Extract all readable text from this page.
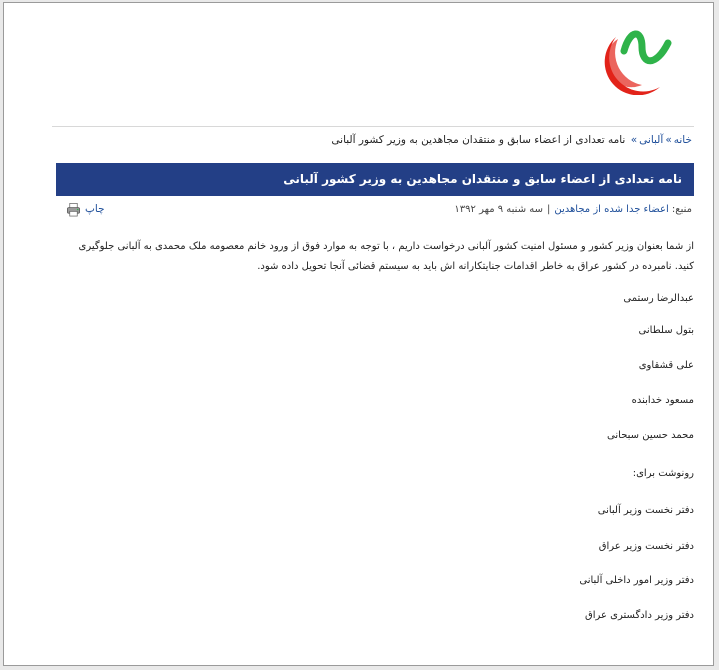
خانه»آلبانی» نامه تعدادی از اعضاء سابق و منتقدان مجاهدین به وزیر کشور آلبانی
نامه تعدادی از اعضاء سابق و منتقدان مجاهدین به وزیر کشور آلبانی
منبع: اعضاء جدا شده از مجاهدین|سه شنبه ۹ مهر ۱۳۹۲
چاپ
از شما بعنوان وزیر کشور و مسئول امنیت کشور آلبانی درخواست داریم ، با توجه به موارد فوق از ورود خانم معصومه ملک محمدی به آلبانی جلوگیری کنید. نامبرده در کشور عراق به خاطر اقدامات جنایتکارانه اش باید به سیستم قضائی آنجا تحویل داده شود.
عبدالرضا رستمی
بتول سلطانی
علی قشقاوی
مسعود خدابنده
محمد حسین سبحانی
رونوشت برای:
دفتر نخست وزیر آلبانی
دفتر نخست وزیر عراق
دفتر وزیر امور داخلی آلبانی
دفتر وزیر دادگستری عراق
